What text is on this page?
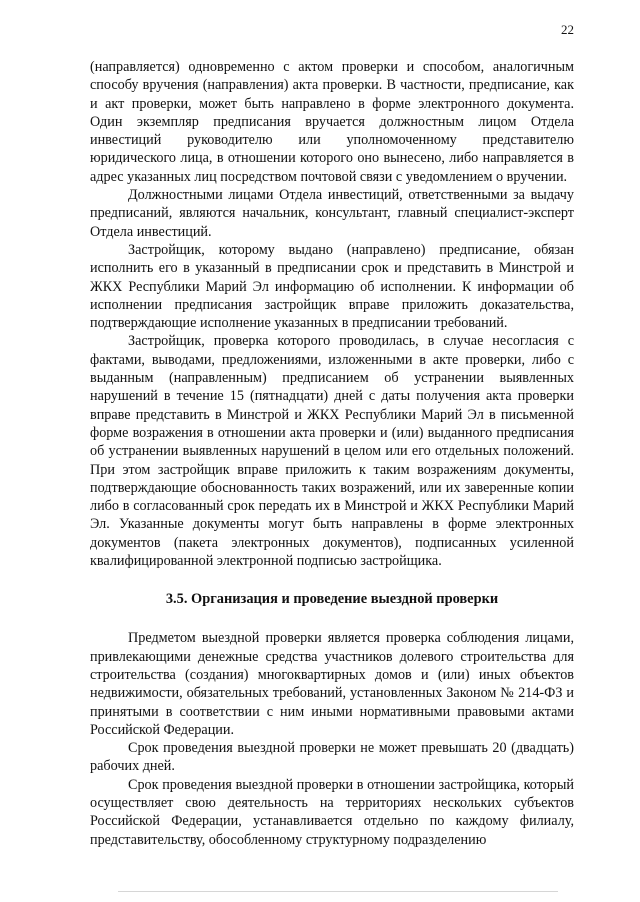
22

(направляется) одновременно с актом проверки и способом, аналогичным способу вручения (направления) акта проверки. В частности, предписание, как и акт проверки, может быть направлено в форме электронного документа. Один экземпляр предписания вручается должностным лицом Отдела инвестиций руководителю или уполномоченному представителю юридического лица, в отношении которого оно вынесено, либо направляется в адрес указанных лиц посредством почтовой связи с уведомлением о вручении.

Должностными лицами Отдела инвестиций, ответственными за выдачу предписаний, являются начальник, консультант, главный специалист-эксперт Отдела инвестиций.

Застройщик, которому выдано (направлено) предписание, обязан исполнить его в указанный в предписании срок и представить в Минстрой и ЖКХ Республики Марий Эл информацию об исполнении. К информации об исполнении предписания застройщик вправе приложить доказательства, подтверждающие исполнение указанных в предписании требований.

Застройщик, проверка которого проводилась, в случае несогласия с фактами, выводами, предложениями, изложенными в акте проверки, либо с выданным (направленным) предписанием об устранении выявленных нарушений в течение 15 (пятнадцати) дней с даты получения акта проверки вправе представить в Минстрой и ЖКХ Республики Марий Эл в письменной форме возражения в отношении акта проверки и (или) выданного предписания об устранении выявленных нарушений в целом или его отдельных положений. При этом застройщик вправе приложить к таким возражениям документы, подтверждающие обоснованность таких возражений, или их заверенные копии либо в согласованный срок передать их в Минстрой и ЖКХ Республики Марий Эл. Указанные документы могут быть направлены в форме электронных документов (пакета электронных документов), подписанных усиленной квалифицированной электронной подписью застройщика.

3.5. Организация и проведение выездной проверки

Предметом выездной проверки является проверка соблюдения лицами, привлекающими денежные средства участников долевого строительства для строительства (создания) многоквартирных домов и (или) иных объектов недвижимости, обязательных требований, установленных Законом № 214-ФЗ и принятыми в соответствии с ним иными нормативными правовыми актами Российской Федерации.

Срок проведения выездной проверки не может превышать 20 (двадцать) рабочих дней.

Срок проведения выездной проверки в отношении застройщика, который осуществляет свою деятельность на территориях нескольких субъектов Российской Федерации, устанавливается отдельно по каждому филиалу, представительству, обособленному структурному подразделению
